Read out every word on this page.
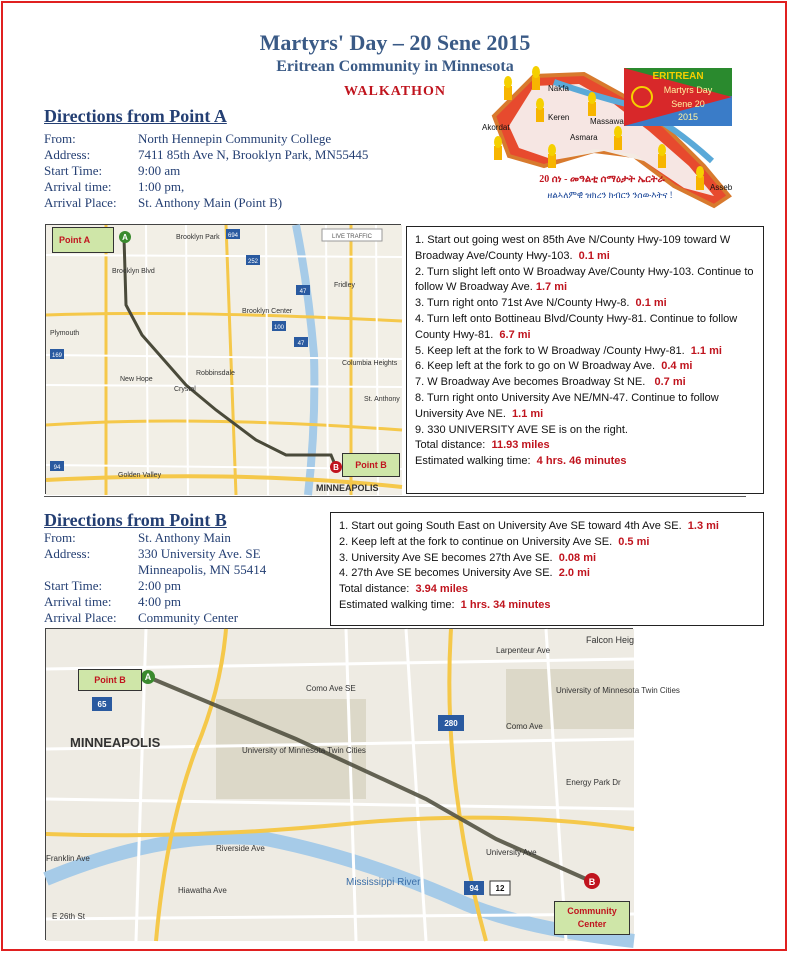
Martyrs' Day – 20 Sene 2015
Eritrean Community in Minnesota
WALKATHON	Nakfa
Keren	Massawa
Akordat
Asmara
Asseb
ERITREAN
Martyrs Day
Sene 20
2015
20 ሰነ - መዓልቲ ሰማዕታት ኤርትራ
ዘልኣለምዊ ዝክረን ክብርን ንሰውእትና !
Directions from Point A
From:	North Hennepin Community College
Address:	7411 85th Ave N, Brooklyn Park, MN55445
Start Time:	9:00 am
Arrival time: 1:00 pm,
Arrival Place: St. Anthony Main (Point B)
A
B
LIVE TRAFFIC
Brooklyn Park
Brooklyn Center
Brooklyn Blvd
Fridley
New Hope
Crystal
Robbinsdale
Columbia Heights
Golden Valley
St. Anthony
Plymouth
MINNEAPOLIS
252
47
694
47
100
169
94
Point A
Point B
1. Start out going west on 85th Ave N/County Hwy-109 toward W Broadway Ave/County Hwy-103. 0.1 mi
2. Turn slight left onto W Broadway Ave/County Hwy-103. Continue to follow W Broadway Ave. 1.7 mi
3. Turn right onto 71st Ave N/County Hwy-8. 0.1 mi
4. Turn left onto Bottineau Blvd/County Hwy-81. Continue to follow County Hwy-81. 6.7 mi
5. Keep left at the fork to W Broadway /County Hwy-81. 1.1 mi
6. Keep left at the fork to go on W Broadway Ave. 0.4 mi
7. W Broadway Ave becomes Broadway St NE. 0.7 mi
8. Turn right onto University Ave NE/MN-47. Continue to follow University Ave NE. 1.1 mi
9. 330 UNIVERSITY AVE SE is on the right.
Total distance: 11.93 miles
Estimated walking time: 4 hrs. 46 minutes
Directions from Point B
From:	St. Anthony Main
Address:	330 University Ave. SE
Minneapolis, MN 55414
Start Time:	2:00 pm
Arrival time: 4:00 pm
Arrival Place: Community Center
1. Start out going South East on University Ave SE toward 4th Ave SE. 1.3 mi
2. Keep left at the fork to continue on University Ave SE. 0.5 mi
3. University Ave SE becomes 27th Ave SE. 0.08 mi
4. 27th Ave SE becomes University Ave SE. 2.0 mi
Total distance: 3.94 miles
Estimated walking time: 1 hrs. 34 minutes
A
B
MINNEAPOLIS
University of Minnesota Twin Cities
University of Minnesota Twin Cities
Como Ave SE
Falcon Heig
Mississippi River
Riverside Ave
Energy Park Dr
Hiawatha Ave
E 26th St
Franklin Ave
University Ave
Larpenteur Ave
Como Ave
65
280
94 12
Point B
Community Center
